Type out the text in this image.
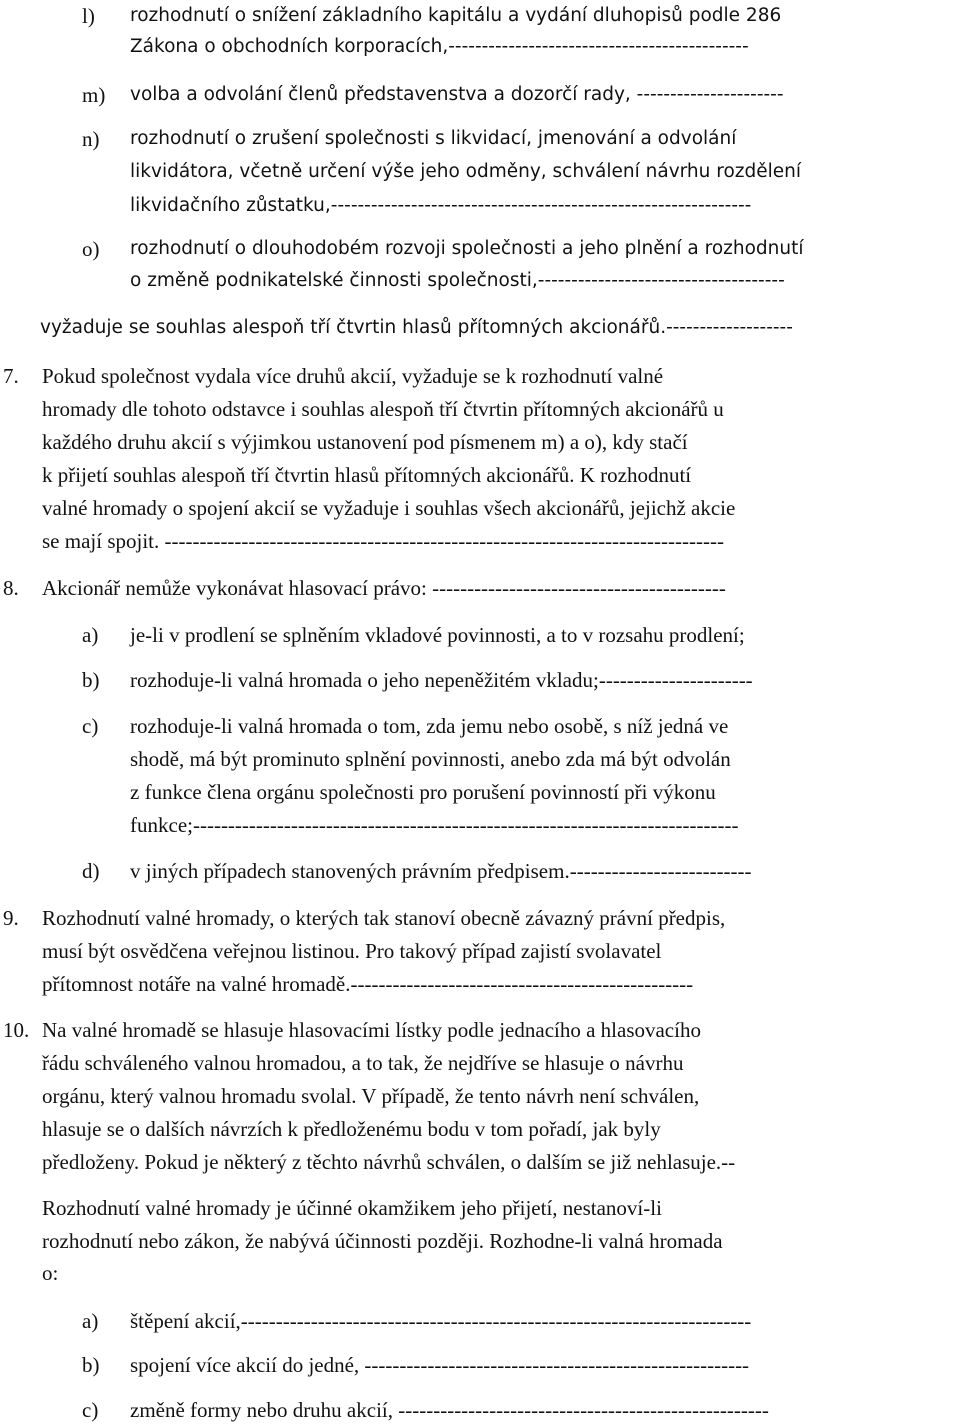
l) rozhodnutí o snížení základního kapitálu a vydání dluhopisů podle 286
Zákona o obchodních korporacích,---------------------------------------------
m) volba a odvolání členů představenstva a dozorčí rady, ----------------------
n) rozhodnutí o zrušení společnosti s likvidací, jmenování a odvolání
likvidátora, včetně určení výše jeho odměny, schválení návrhu rozdělení
likvidačního zůstatku,---------------------------------------------------------------
o) rozhodnutí o dlouhodobém rozvoji společnosti a jeho plnění a rozhodnutí
o změně podnikatelské činnosti společnosti,-------------------------------------
vyžaduje se souhlas alespoň tří čtvrtin hlasů přítomných akcionářů.-------------------
7. Pokud společnost vydala více druhů akcií, vyžaduje se k rozhodnutí valné
hromady dle tohoto odstavce i souhlas alespoň tří čtvrtin přítomných akcionářů u
každého druhu akcií s výjimkou ustanovení pod písmenem m) a o), kdy stačí
k přijetí souhlas alespoň tří čtvrtin hlasů přítomných akcionářů. K rozhodnutí
valné hromady o spojení akcií se vyžaduje i souhlas všech akcionářů, jejichž akcie
se mají spojit. --------------------------------------------------------------------------------
8. Akcionář nemůže vykonávat hlasovací právo: ------------------------------------------
a) je-li v prodlení se splněním vkladové povinnosti, a to v rozsahu prodlení;
b) rozhoduje-li valná hromada o jeho nepeněžitém vkladu;----------------------
c) rozhoduje-li valná hromada o tom, zda jemu nebo osobě, s níž jedná ve
shodě, má být prominuto splnění povinnosti, anebo zda má být odvolán
z funkce člena orgánu společnosti pro porušení povinností při výkonu
funkce;------------------------------------------------------------------------------
d) v jiných případech stanovených právním předpisem.--------------------------
9. Rozhodnutí valné hromady, o kterých tak stanoví obecně závazný právní předpis,
musí být osvědčena veřejnou listinou. Pro takový případ zajistí svolavatel
přítomnost notáře na valné hromadě.-------------------------------------------------
10. Na valné hromadě se hlasuje hlasovacími lístky podle jednacího a hlasovacího
řádu schváleného valnou hromadou, a to tak, že nejdříve se hlasuje o návrhu
orgánu, který valnou hromadu svolal. V případě, že tento návrh není schválen,
hlasuje se o dalších návrzích k předloženému bodu v tom pořadí, jak byly
předloženy. Pokud je některý z těchto návrhů schválen, o dalším se již nehlasuje.--
Rozhodnutí valné hromady je účinné okamžikem jeho přijetí, nestanoví-li
rozhodnutí nebo zákon, že nabývá účinnosti později. Rozhodne-li valná hromada
o:
a) štěpení akcií,-------------------------------------------------------------------------
b) spojení více akcií do jedné, -------------------------------------------------------
c) změně formy nebo druhu akcií, -----------------------------------------------------
